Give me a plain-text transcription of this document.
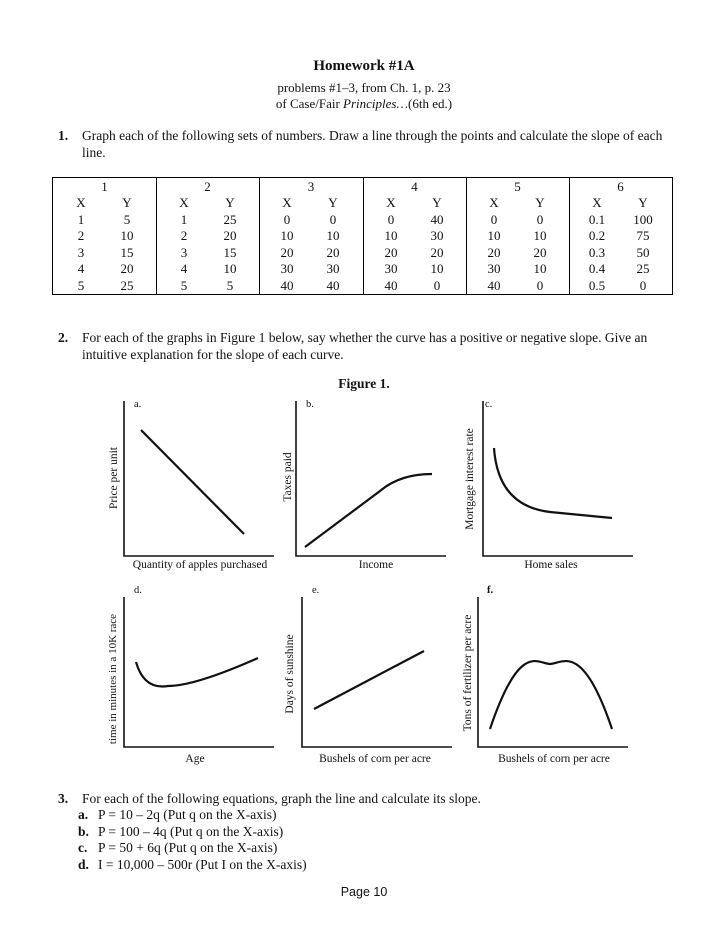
Homework #1A
problems #1–3, from Ch. 1, p. 23
of Case/Fair Principles…(6th ed.)
1. Graph each of the following sets of numbers. Draw a line through the points and calculate the slope of each line.
1
X
1
2
3
4
5
Y
5
10
15
20
25
2
X
1
2
3
4
5
Y
25
20
15
10
5
3
X
0
10
20
30
40
Y
0
10
20
30
40
4
X
0
10
20
30
40
Y
40
30
20
10
0
5
X
0
10
20
30
40
Y
0
10
20
10
0
6
X
0.1
0.2
0.3
0.4
0.5
Y
100
75
50
25
0
2. For each of the graphs in Figure 1 below, say whether the curve has a positive or negative slope. Give an intuitive explanation for the slope of each curve.
Figure 1.
a.
Quantity of apples purchased
Price per unit
b.
Income
Taxes paid
c.
Home sales
Mortgage interest rate
d.
Age
time in minutes in a 10K race
e.
Bushels of corn per acre
Days of sunshine
f.
Bushels of corn per acre
Tons of fertilizer per acre
3. For each of the following equations, graph the line and calculate its slope.
a. P = 10 – 2q (Put q on the X-axis)
b. P = 100 – 4q (Put q on the X-axis)
c. P = 50 + 6q (Put q on the X-axis)
d. I = 10,000 – 500r (Put I on the X-axis)
Page 10
